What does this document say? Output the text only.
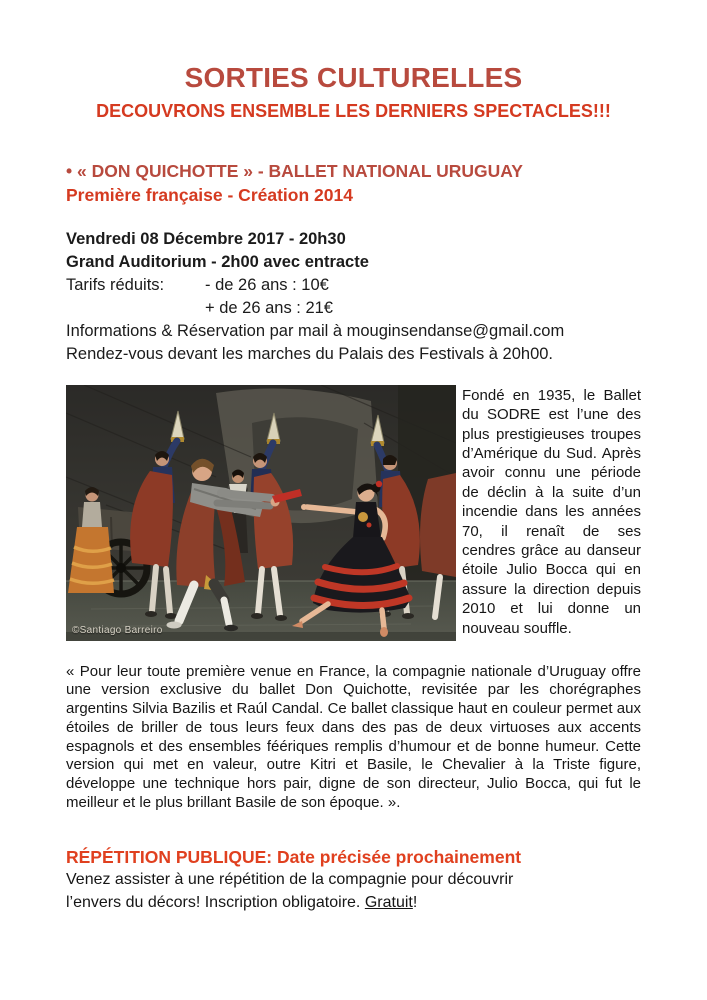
SORTIES CULTURELLES
DECOUVRONS ENSEMBLE LES DERNIERS SPECTACLES!!!
• « DON QUICHOTTE » - BALLET NATIONAL URUGUAY
Première française - Création 2014
Vendredi 08 Décembre 2017 - 20h30
Grand Auditorium - 2h00 avec entracte
Tarifs réduits:	- de 26 ans : 10€
+ de 26 ans : 21€
Informations & Réservation par mail à mouginsendanse@gmail.com
Rendez-vous devant les marches du Palais des Festivals à 20h00.
©Santiago Barreiro
Fondé en 1935, le Ballet du SODRE est l’une des plus prestigieuses troupes d’Amérique du Sud. Après avoir connu une période de déclin à la suite d’un incendie dans les années 70, il renaît de ses cendres grâce au danseur étoile Julio Bocca qui en assure la direction depuis 2010 et lui donne un nouveau souffle.
« Pour leur toute première venue en France, la compagnie nationale d’Uruguay offre une version exclusive du ballet Don Quichotte, revisitée par les chorégraphes argentins Silvia Bazilis et Raúl Candal. Ce ballet classique haut en couleur permet aux étoiles de briller de tous leurs feux dans des pas de deux virtuoses aux accents espagnols et des ensembles féériques remplis d’humour et de bonne humeur. Cette version qui met en valeur, outre Kitri et Basile, le Chevalier à la Triste figure, développe une technique hors pair, digne de son directeur, Julio Bocca, qui fut le meilleur et le plus brillant Basile de son époque. ».
RÉPÉTITION PUBLIQUE: Date précisée prochainement
Venez assister à une répétition de la compagnie pour découvrir
l’envers du décors! Inscription obligatoire. Gratuit!
